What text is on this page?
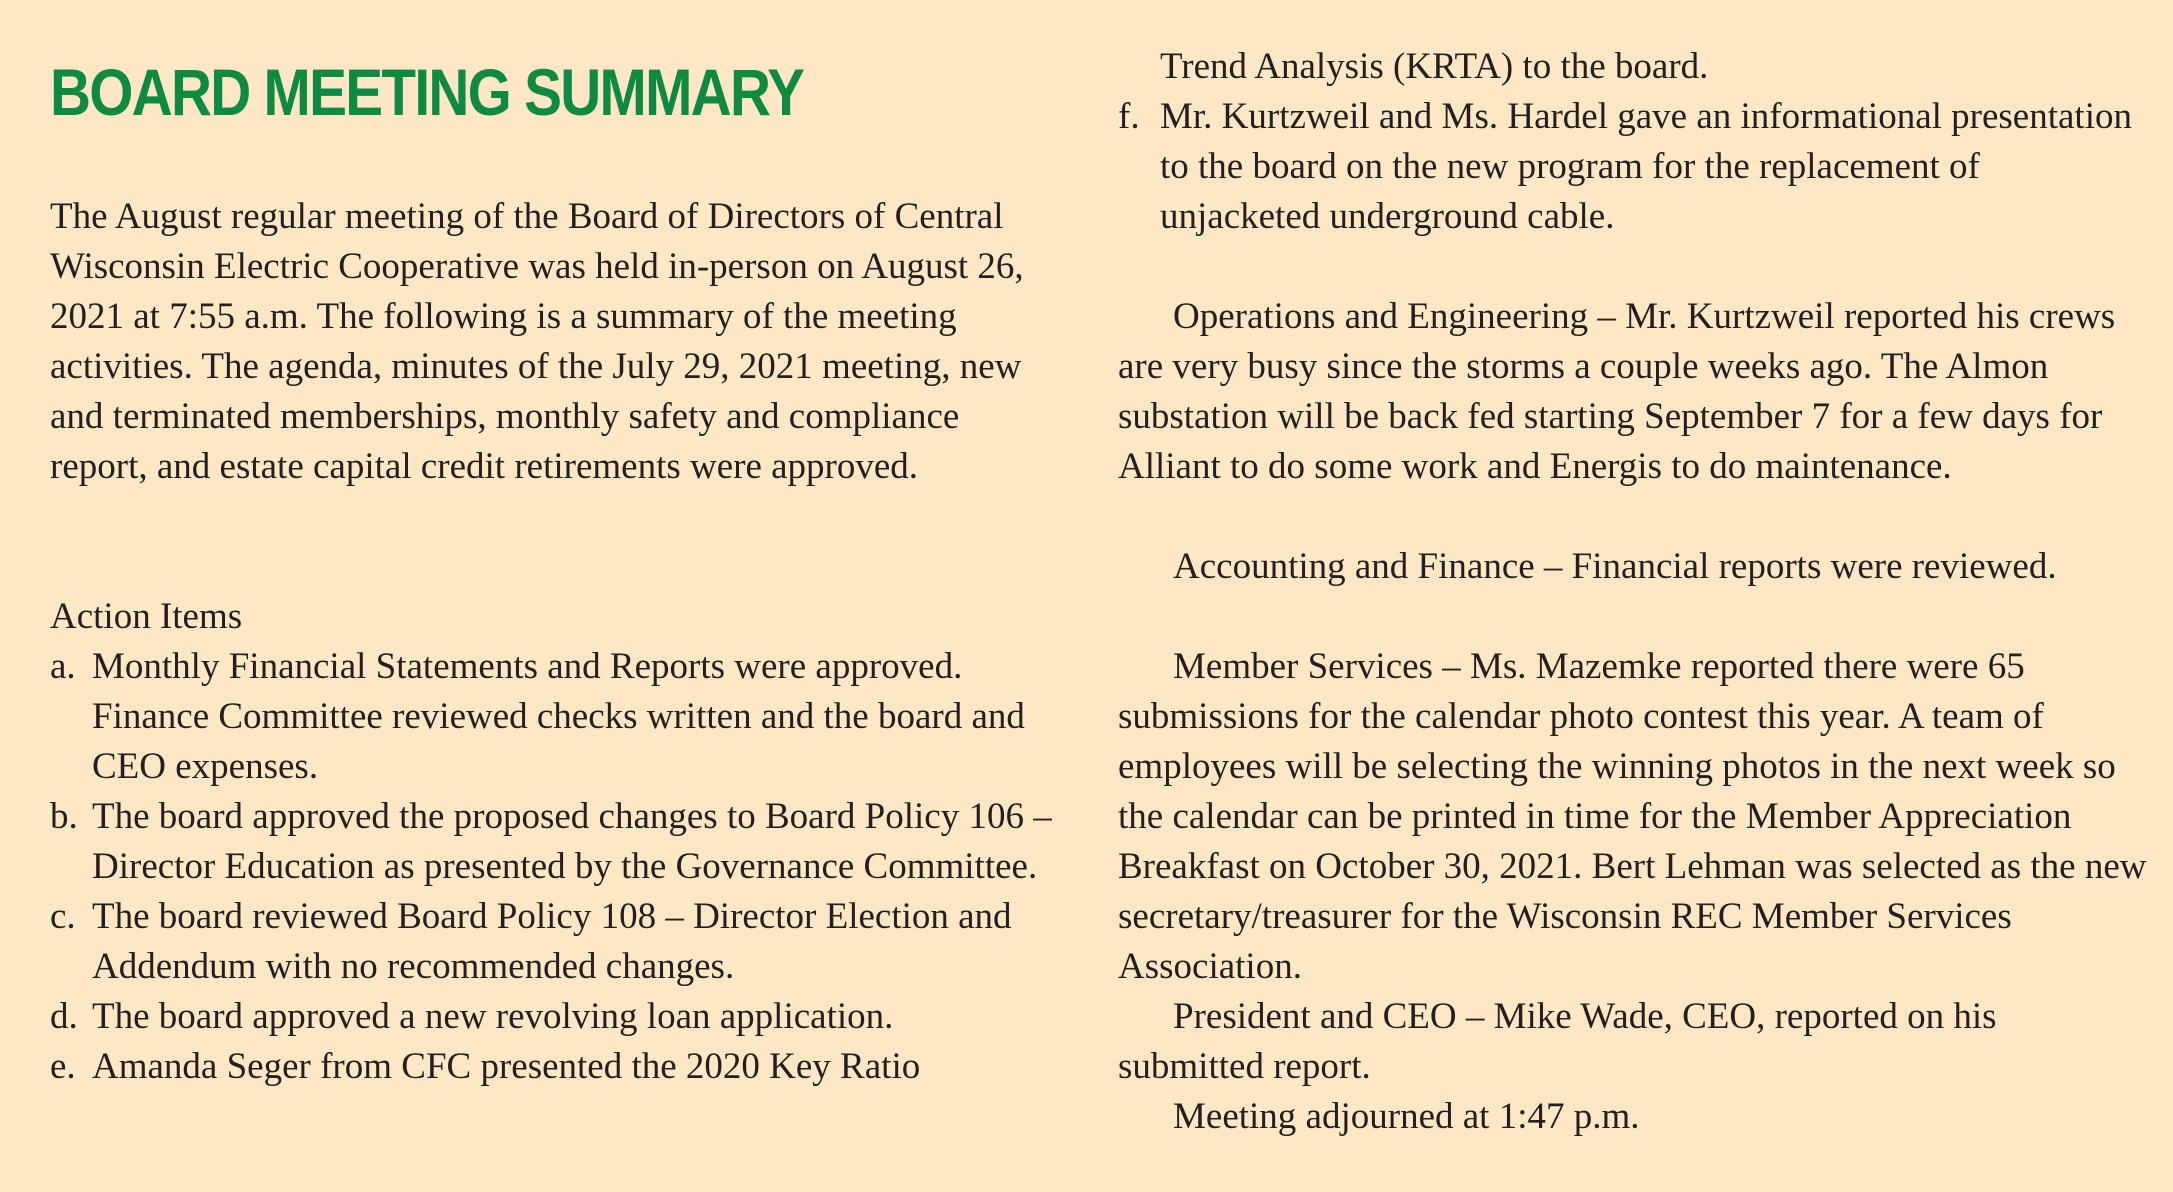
BOARD MEETING SUMMARY

The August regular meeting of the Board of Directors of Central Wisconsin Electric Cooperative was held in-person on August 26, 2021 at 7:55 a.m. The following is a summary of the meeting activities. The agenda, minutes of the July 29, 2021 meeting, new and terminated memberships, monthly safety and compliance report, and estate capital credit retirements were approved.

Action Items

a. Monthly Financial Statements and Reports were approved. Finance Committee reviewed checks written and the board and CEO expenses.
b. The board approved the proposed changes to Board Policy 106 – Director Education as presented by the Governance Committee.
c. The board reviewed Board Policy 108 – Director Election and Addendum with no recommended changes.
d. The board approved a new revolving loan application.
e. Amanda Seger from CFC presented the 2020 Key Ratio

Trend Analysis (KRTA) to the board.

f. Mr. Kurtzweil and Ms. Hardel gave an informational presentation to the board on the new program for the replacement of unjacketed underground cable.

Operations and Engineering – Mr. Kurtzweil reported his crews are very busy since the storms a couple weeks ago. The Almon substation will be back fed starting September 7 for a few days for Alliant to do some work and Energis to do maintenance.

Accounting and Finance – Financial reports were reviewed.

Member Services – Ms. Mazemke reported there were 65 submissions for the calendar photo contest this year. A team of employees will be selecting the winning photos in the next week so the calendar can be printed in time for the Member Appreciation Breakfast on October 30, 2021. Bert Lehman was selected as the new secretary/treasurer for the Wisconsin REC Member Services Association.

President and CEO – Mike Wade, CEO, reported on his submitted report.

Meeting adjourned at 1:47 p.m.
